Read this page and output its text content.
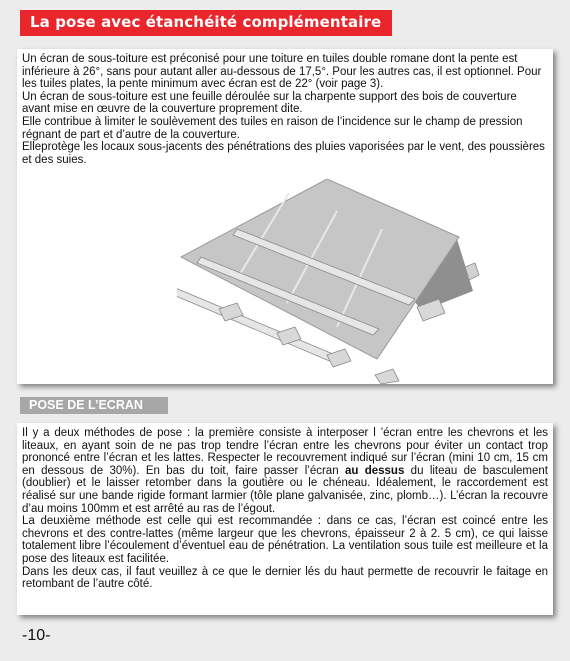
La pose avec étanchéité complémentaire

Un écran de sous-toiture est préconisé pour une toiture en tuiles double romane dont la pente est inférieure à 26°, sans pour autant aller au-dessous de 17,5°. Pour les autres cas, il est optionnel. Pour les tuiles plates, la pente minimum avec écran est de 22° (voir page 3).

Un écran de sous-toiture est une feuille déroulée sur la charpente support des bois de couverture avant mise en œuvre de la couverture proprement dite.

Elle contribue à limiter le soulèvement des tuiles en raison de l’incidence sur le champ de pression régnant de part et d’autre de la couverture.

Elleprotège les locaux sous-jacents des pénétrations des pluies vaporisées par le vent, des poussières et des suies.

POSE DE L’ECRAN

Il y a deux méthodes de pose : la première consiste à interposer l ’écran entre les chevrons et les liteaux, en ayant soin de ne pas trop tendre l’écran entre les chevrons pour éviter un contact trop prononcé entre l’écran et les lattes. Respecter le recouvrement indiqué sur l’écran (mini 10 cm, 15 cm en dessous de 30%). En bas du toit, faire passer l’écran au dessus du liteau de basculement (doublier) et le laisser retomber dans la goutière ou le chéneau. Idéalement, le raccordement est réalisé sur une bande rigide formant larmier (tôle plane galvanisée, zinc, plomb…). L’écran la recouvre d’au moins 100mm et est arrêté au ras de l’égout.

La deuxième méthode est celle qui est recommandée : dans ce cas, l’écran est coincé entre les chevrons et des contre-lattes (même largeur que les chevrons, épaisseur 2 à 2. 5 cm), ce qui laisse totalement libre l’écoulement d’éventuel eau de pénétration. La ventilation sous tuile est meilleure et la pose des liteaux est facilitée.

Dans les deux cas, il faut veuillez à ce que le dernier lés du haut permette de recouvrir le faitage en retombant de l’autre côté.

-10-
